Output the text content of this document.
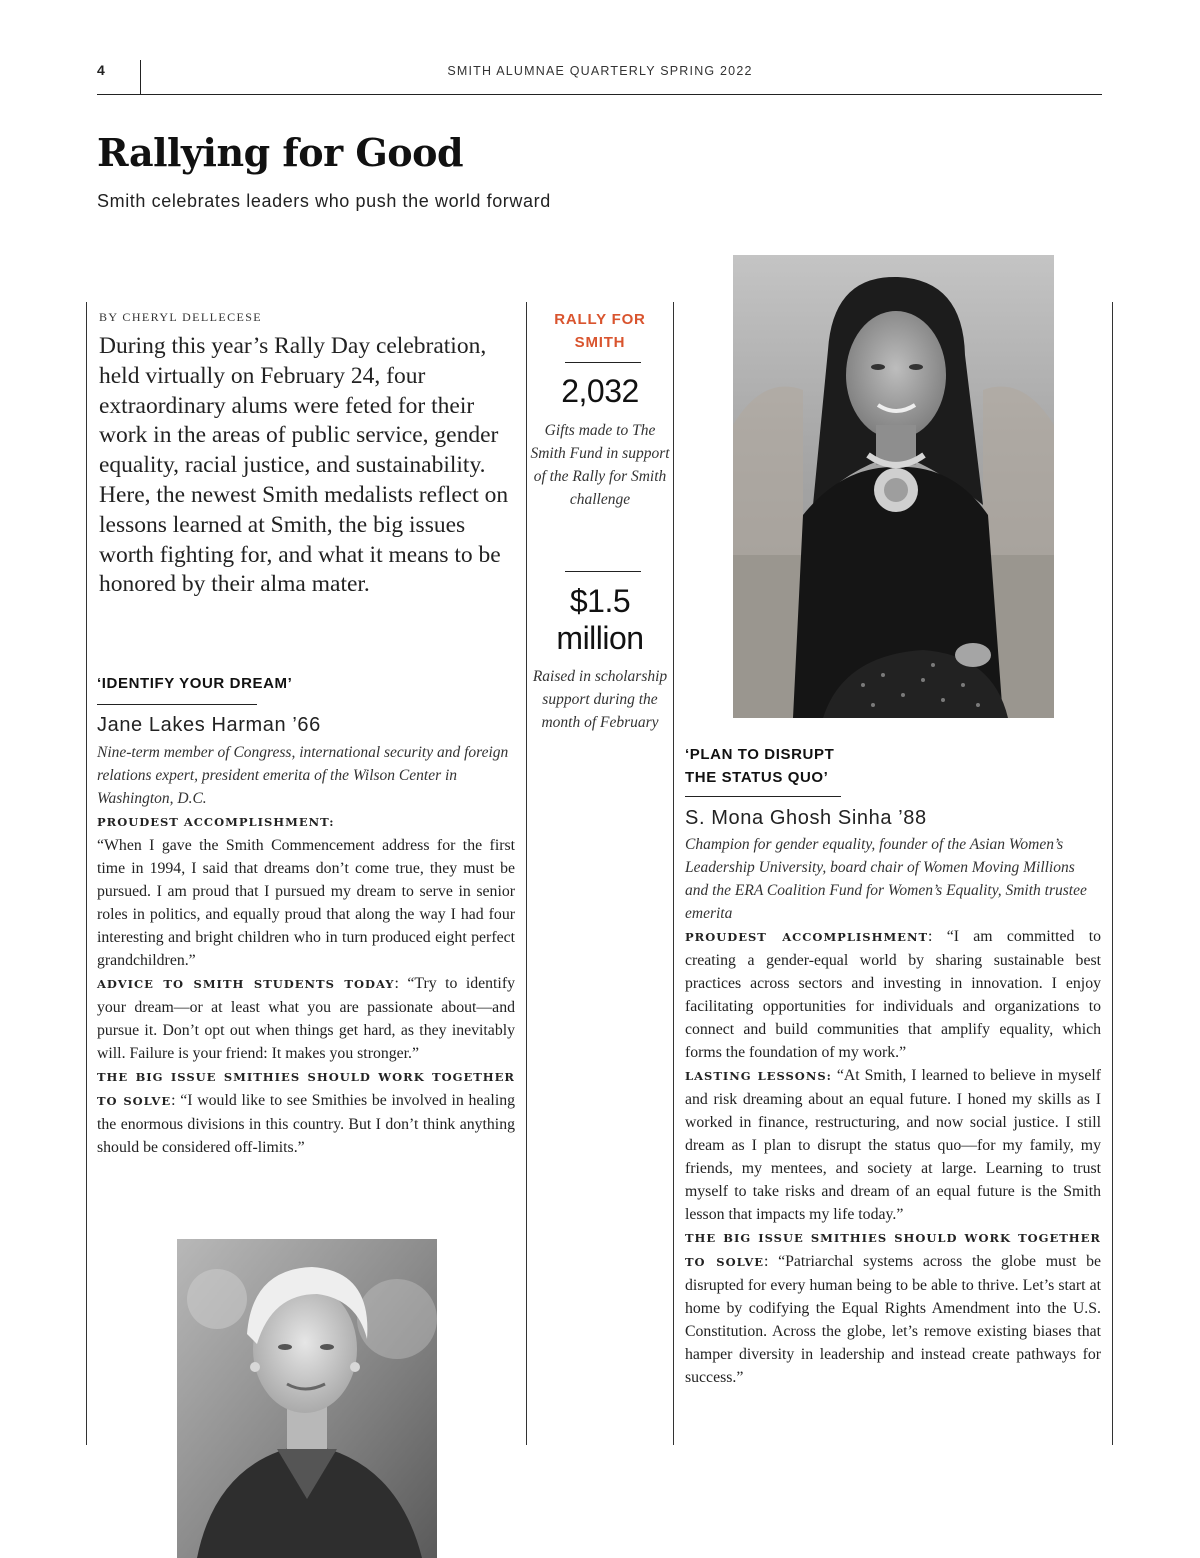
4	SMITH ALUMNAE QUARTERLY SPRING 2022
Rallying for Good
Smith celebrates leaders who push the world forward
BY CHERYL DELLECESE
During this year’s Rally Day celebration, held virtually on February 24, four extraordinary alums were feted for their work in the areas of public service, gender equality, racial justice, and sustainability. Here, the newest Smith medalists reflect on lessons learned at Smith, the big issues worth fighting for, and what it means to be honored by their alma mater.
‘IDENTIFY YOUR DREAM’
Jane Lakes Harman ’66
Nine-term member of Congress, international security and foreign relations expert, president emerita of the Wilson Center in Washington, D.C.

PROUDEST ACCOMPLISHMENT:
“When I gave the Smith Commencement address for the first time in 1994, I said that dreams don’t come true, they must be pursued. I am proud that I pursued my dream to serve in senior roles in politics, and equally proud that along the way I had four interesting and bright children who in turn produced eight perfect grandchildren.”

ADVICE TO SMITH STUDENTS TODAY: “Try to identify your dream—or at least what you are passionate about—and pursue it. Don’t opt out when things get hard, as they inevitably will. Failure is your friend: It makes you stronger.”

THE BIG ISSUE SMITHIES SHOULD WORK TOGETHER TO SOLVE: “I would like to see Smithies be involved in healing the enormous divisions in this country. But I don’t think anything should be considered off-limits.”

RALLY FOR
SMITH
2,032
Gifts made to The Smith Fund in support of the Rally for Smith challenge
$1.5
million
Raised in scholarship support during the month of February
‘PLAN TO DISRUPT
THE STATUS QUO’
S. Mona Ghosh Sinha ’88
Champion for gender equality, founder of the Asian Women’s Leadership University, board chair of Women Moving Millions and the ERA Coalition Fund for Women’s Equality, Smith trustee emerita

PROUDEST ACCOMPLISHMENT: “I am committed to creating a gender-equal world by sharing sustainable best practices across sectors and investing in innovation. I enjoy facilitating opportunities for individuals and organizations to connect and build communities that amplify equality, which forms the foundation of my work.”

LASTING LESSONS: “At Smith, I learned to believe in myself and risk dreaming about an equal future. I honed my skills as I worked in finance, restructuring, and now social justice. I still dream as I plan to disrupt the status quo—for my family, my friends, my mentees, and society at large. Learning to trust myself to take risks and dream of an equal future is the Smith lesson that impacts my life today.”

THE BIG ISSUE SMITHIES SHOULD WORK TOGETHER TO SOLVE: “Patriarchal systems across the globe must be disrupted for every human being to be able to thrive. Let’s start at home by codifying the Equal Rights Amendment into the U.S. Constitution. Across the globe, let’s remove existing biases that hamper diversity in leadership and instead create pathways for success.”
